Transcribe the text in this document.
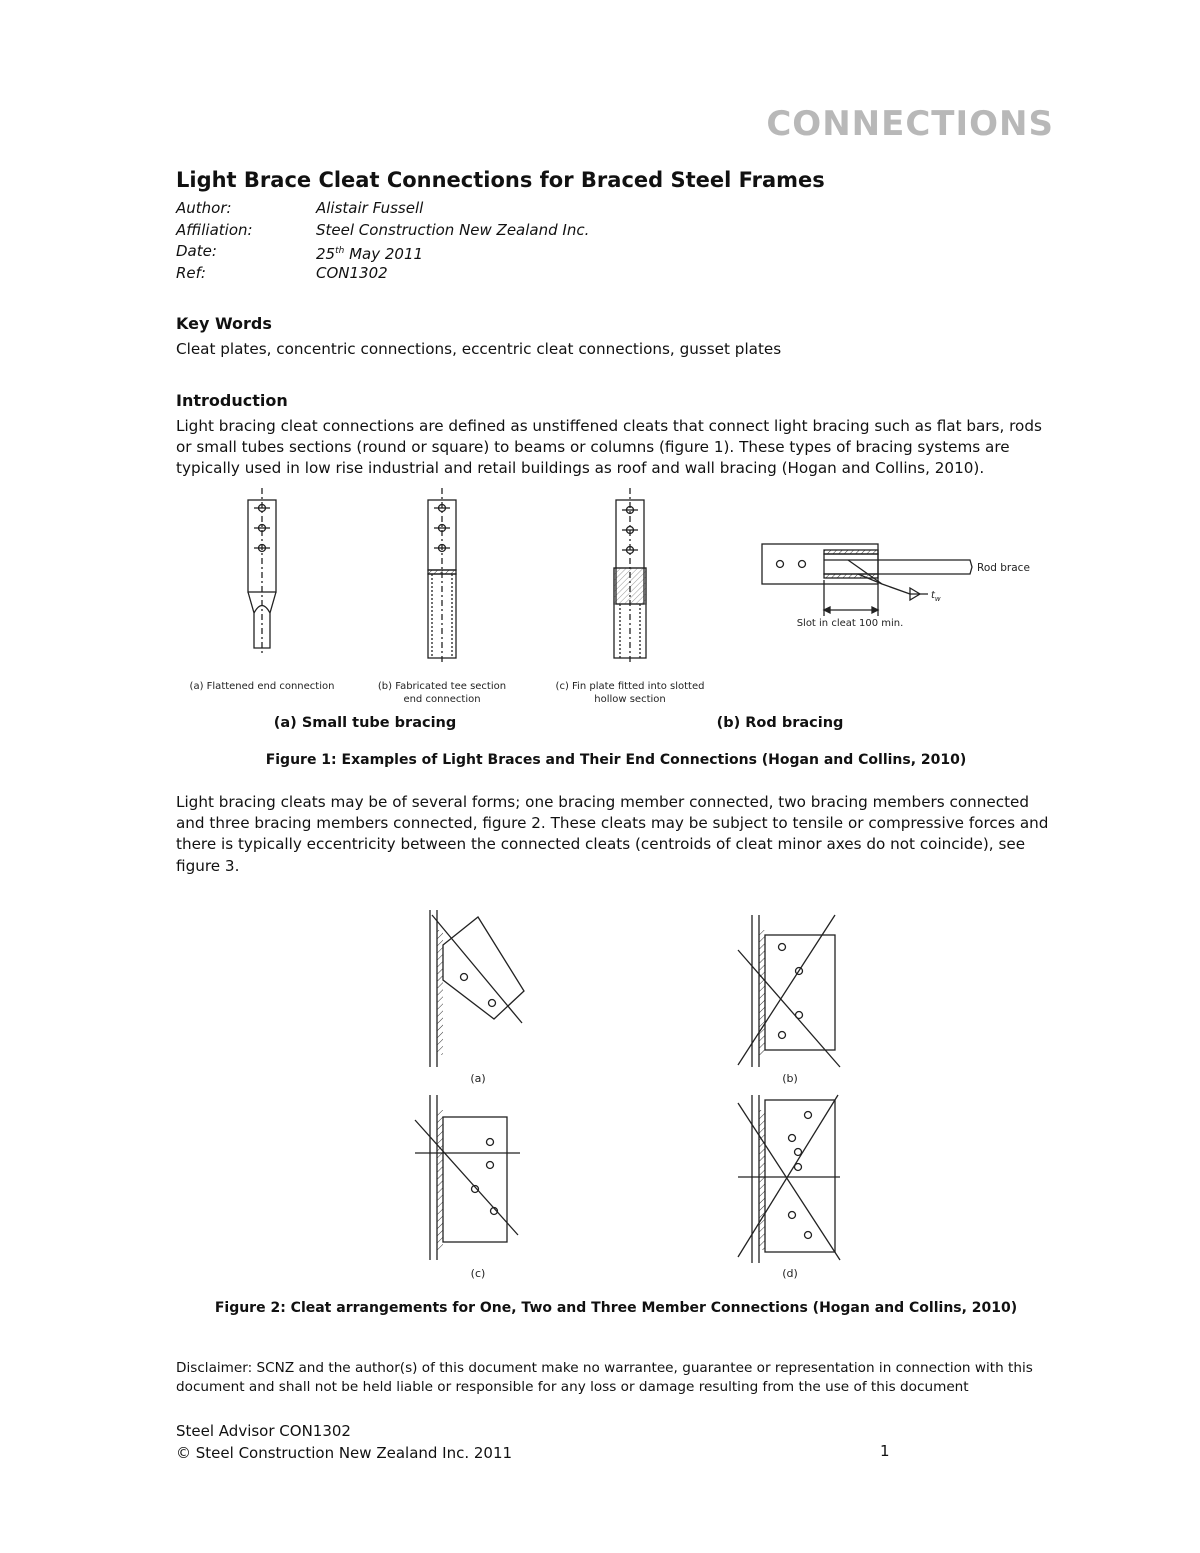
CONNECTIONS
Light Brace Cleat Connections for Braced Steel Frames
Author:	Alistair Fussell
Affiliation:	Steel Construction New Zealand Inc.
Date:	25th May 2011
Ref:	CON1302
Key Words
Cleat plates, concentric connections, eccentric cleat connections, gusset plates
Introduction
Light bracing cleat connections are defined as unstiffened cleats that connect light bracing such as flat bars, rods or small tubes sections (round or square) to beams or columns (figure 1). These types of bracing systems are typically used in low rise industrial and retail buildings as roof and wall bracing (Hogan and Collins, 2010).
(a) Flattened end connection	(b) Fabricated tee section
end connection
(c) Fin plate fitted into slotted
hollow section
Rod brace
$t_w$
Slot in cleat 100 min.
(a) Small tube bracing	(b) Rod bracing
Figure 1: Examples of Light Braces and Their End Connections (Hogan and Collins, 2010)
Light bracing cleats may be of several forms; one bracing member connected, two bracing members connected and three bracing members connected, figure 2. These cleats may be subject to tensile or compressive forces and there is typically eccentricity between the connected cleats (centroids of cleat minor axes do not coincide), see figure 3.
(a)	(b)
(c)	(d)
Figure 2: Cleat arrangements for One, Two and Three Member Connections (Hogan and Collins, 2010)
Disclaimer: SCNZ and the author(s) of this document make no warrantee, guarantee or representation in connection with this document and shall not be held liable or responsible for any loss or damage resulting from the use of this document
Steel Advisor CON1302
© Steel Construction New Zealand Inc. 2011	1
